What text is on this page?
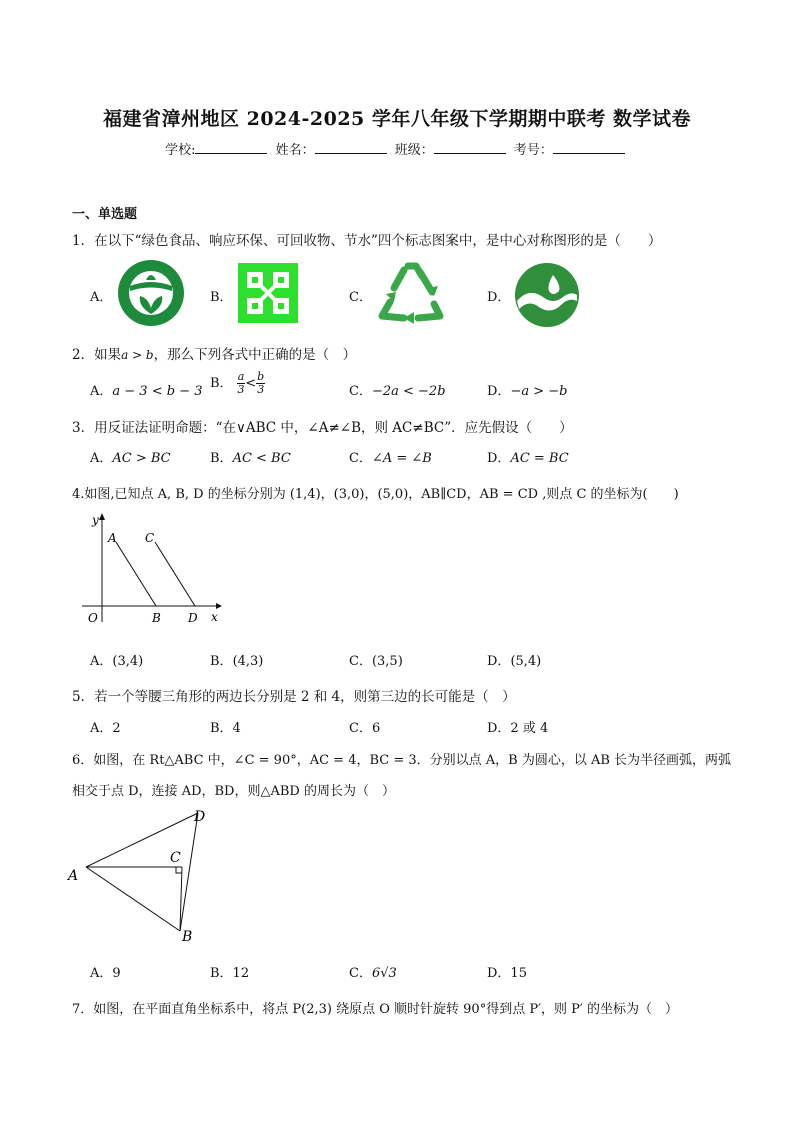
福建省漳州地区 2024-2025 学年八年级下学期期中联考 数学试卷
学校:	姓名：	班级：	考号：
一、单选题
1．在以下“绿色食品、响应环保、可回收物、节水”四个标志图案中，是中心对称图形的是（　　）
A．	B．	C．	D．
2．如果a > b，那么下列各式中正确的是（　）
A．a − 3 < b − 3
B． $\frac{a}{3} < \frac{b}{3}$	C．−2a < −2b	D．−a > −b
3．用反证法证明命题：“在∨ABC 中，∠A≠∠B，则 AC≠BC”．应先假设（　　）
A．AC > BC	B．AC < BC	C．∠A = ∠B	D．AC = BC
4.如图,已知点 A, B, D 的坐标分别为 (1,4)，(3,0)，(5,0)，AB∥CD，AB = CD ,则点 C 的坐标为(　　)
y
x
O
A
B
C
D
A．(3,4)	B．(4,3)	C．(3,5)	D．(5,4)
5．若一个等腰三角形的两边长分别是 2 和 4，则第三边的长可能是（　）
A．2	B．4	C．6	D．2 或 4
6．如图，在 Rt△ABC 中，∠C = 90°，AC = 4，BC = 3．分别以点 A，B 为圆心，以 AB 长为半径画弧，两弧
相交于点 D，连接 AD，BD，则△ABD 的周长为（　）
A
B
C
D
A．9	B．12	C．6√3	D．15
7．如图，在平面直角坐标系中，将点 P(2,3) 绕原点 O 顺时针旋转 90°得到点 P′，则 P′ 的坐标为（　）
